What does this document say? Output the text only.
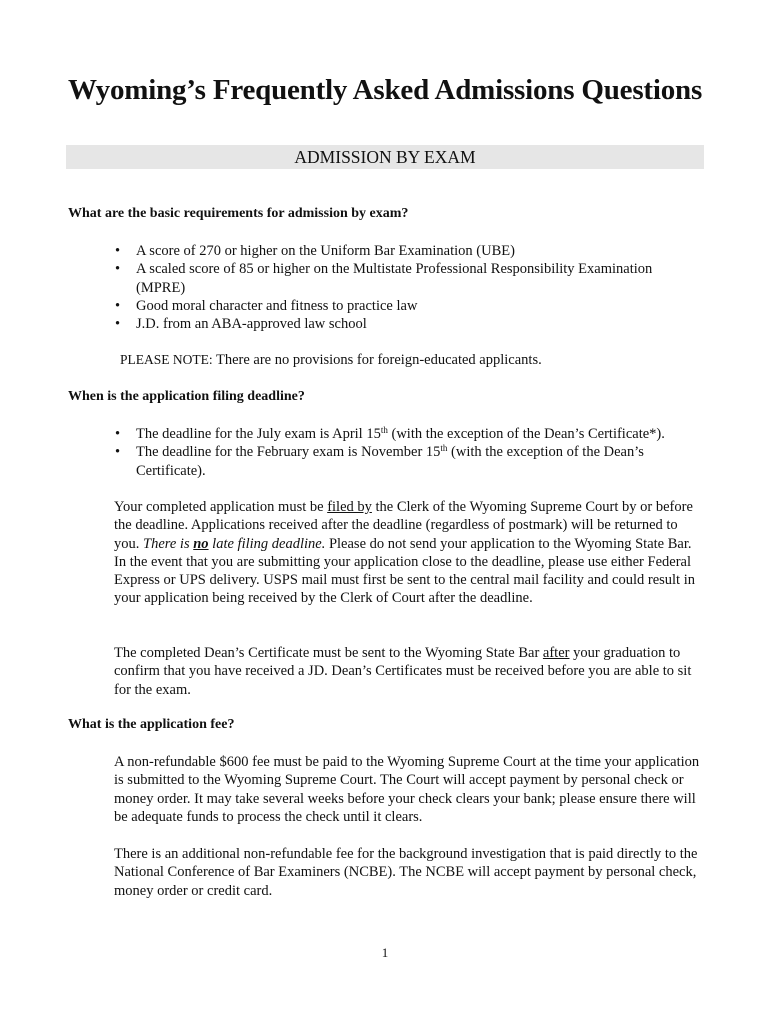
Wyoming’s Frequently Asked Admissions Questions
ADMISSION BY EXAM

What are the basic requirements for admission by exam?

• A score of 270 or higher on the Uniform Bar Examination (UBE)
• A scaled score of 85 or higher on the Multistate Professional Responsibility Examination (MPRE)
• Good moral character and fitness to practice law
• J.D. from an ABA-approved law school

PLEASE NOTE: There are no provisions for foreign-educated applicants.

When is the application filing deadline?

• The deadline for the July exam is April 15th (with the exception of the Dean’s Certificate*).
• The deadline for the February exam is November 15th (with the exception of the Dean’s Certificate).

Your completed application must be filed by the Clerk of the Wyoming Supreme Court by or before the deadline. Applications received after the deadline (regardless of postmark) will be returned to you. There is no late filing deadline. Please do not send your application to the Wyoming State Bar. In the event that you are submitting your application close to the deadline, please use either Federal Express or UPS delivery. USPS mail must first be sent to the central mail facility and could result in your application being received by the Clerk of Court after the deadline.

The completed Dean’s Certificate must be sent to the Wyoming State Bar after your graduation to confirm that you have received a JD. Dean’s Certificates must be received before you are able to sit for the exam.

What is the application fee?

A non-refundable $600 fee must be paid to the Wyoming Supreme Court at the time your application is submitted to the Wyoming Supreme Court. The Court will accept payment by personal check or money order. It may take several weeks before your check clears your bank; please ensure there will be adequate funds to process the check until it clears.

There is an additional non-refundable fee for the background investigation that is paid directly to the National Conference of Bar Examiners (NCBE). The NCBE will accept payment by personal check, money order or credit card.

1
